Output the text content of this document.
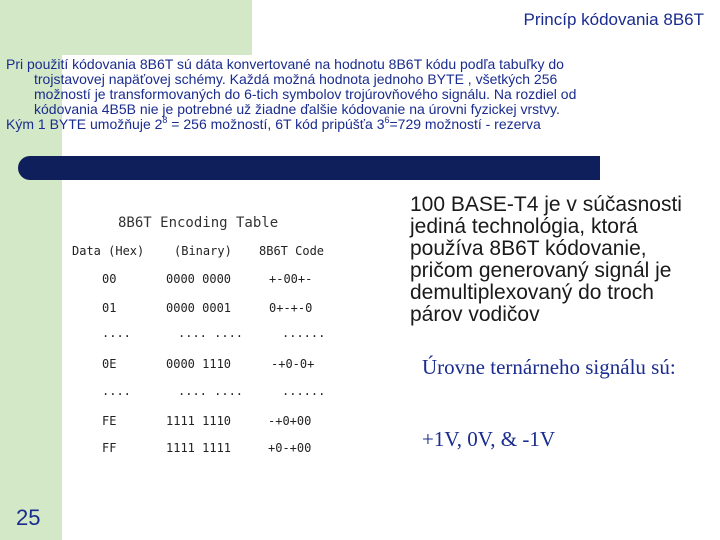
Princíp kódovania 8B6T

Pri použití kódovania 8B6T sú dáta konvertované na hodnotu 8B6T kódu podľa tabuľky do trojstavovej napäťovej schémy. Každá možná hodnota jednoho BYTE , všetkých 256 možností je transformovaných do 6-tich symbolov trojúrovňového signálu. Na rozdiel od kódovania 4B5B nie je potrebné už žiadne ďalšie kódovanie na úrovni fyzickej vrstvy.

Kým 1 BYTE umožňuje $2^8 = 256$ možností, 6T kód pripúšťa $3^6=729$ možností - rezerva

8B6T Encoding Table
Data (Hex) (Binary) 8B6T Code
00	0000 0000	+-00+-
01	0000 0001	0+-+-0
....	.... ....	......
0E	0000 1110	-+0-0+
....	.... ....	......
FE	1111 1110	-+0+00
FF	1111 1111	+0-+00

100 BASE-T4 je v súčasnosti jediná technológia, ktorá používa 8B6T kódovanie, pričom generovaný signál je demultiplexovaný do troch párov vodičov

Úrovne ternárneho signálu sú:

+1V, 0V, & -1V

25
